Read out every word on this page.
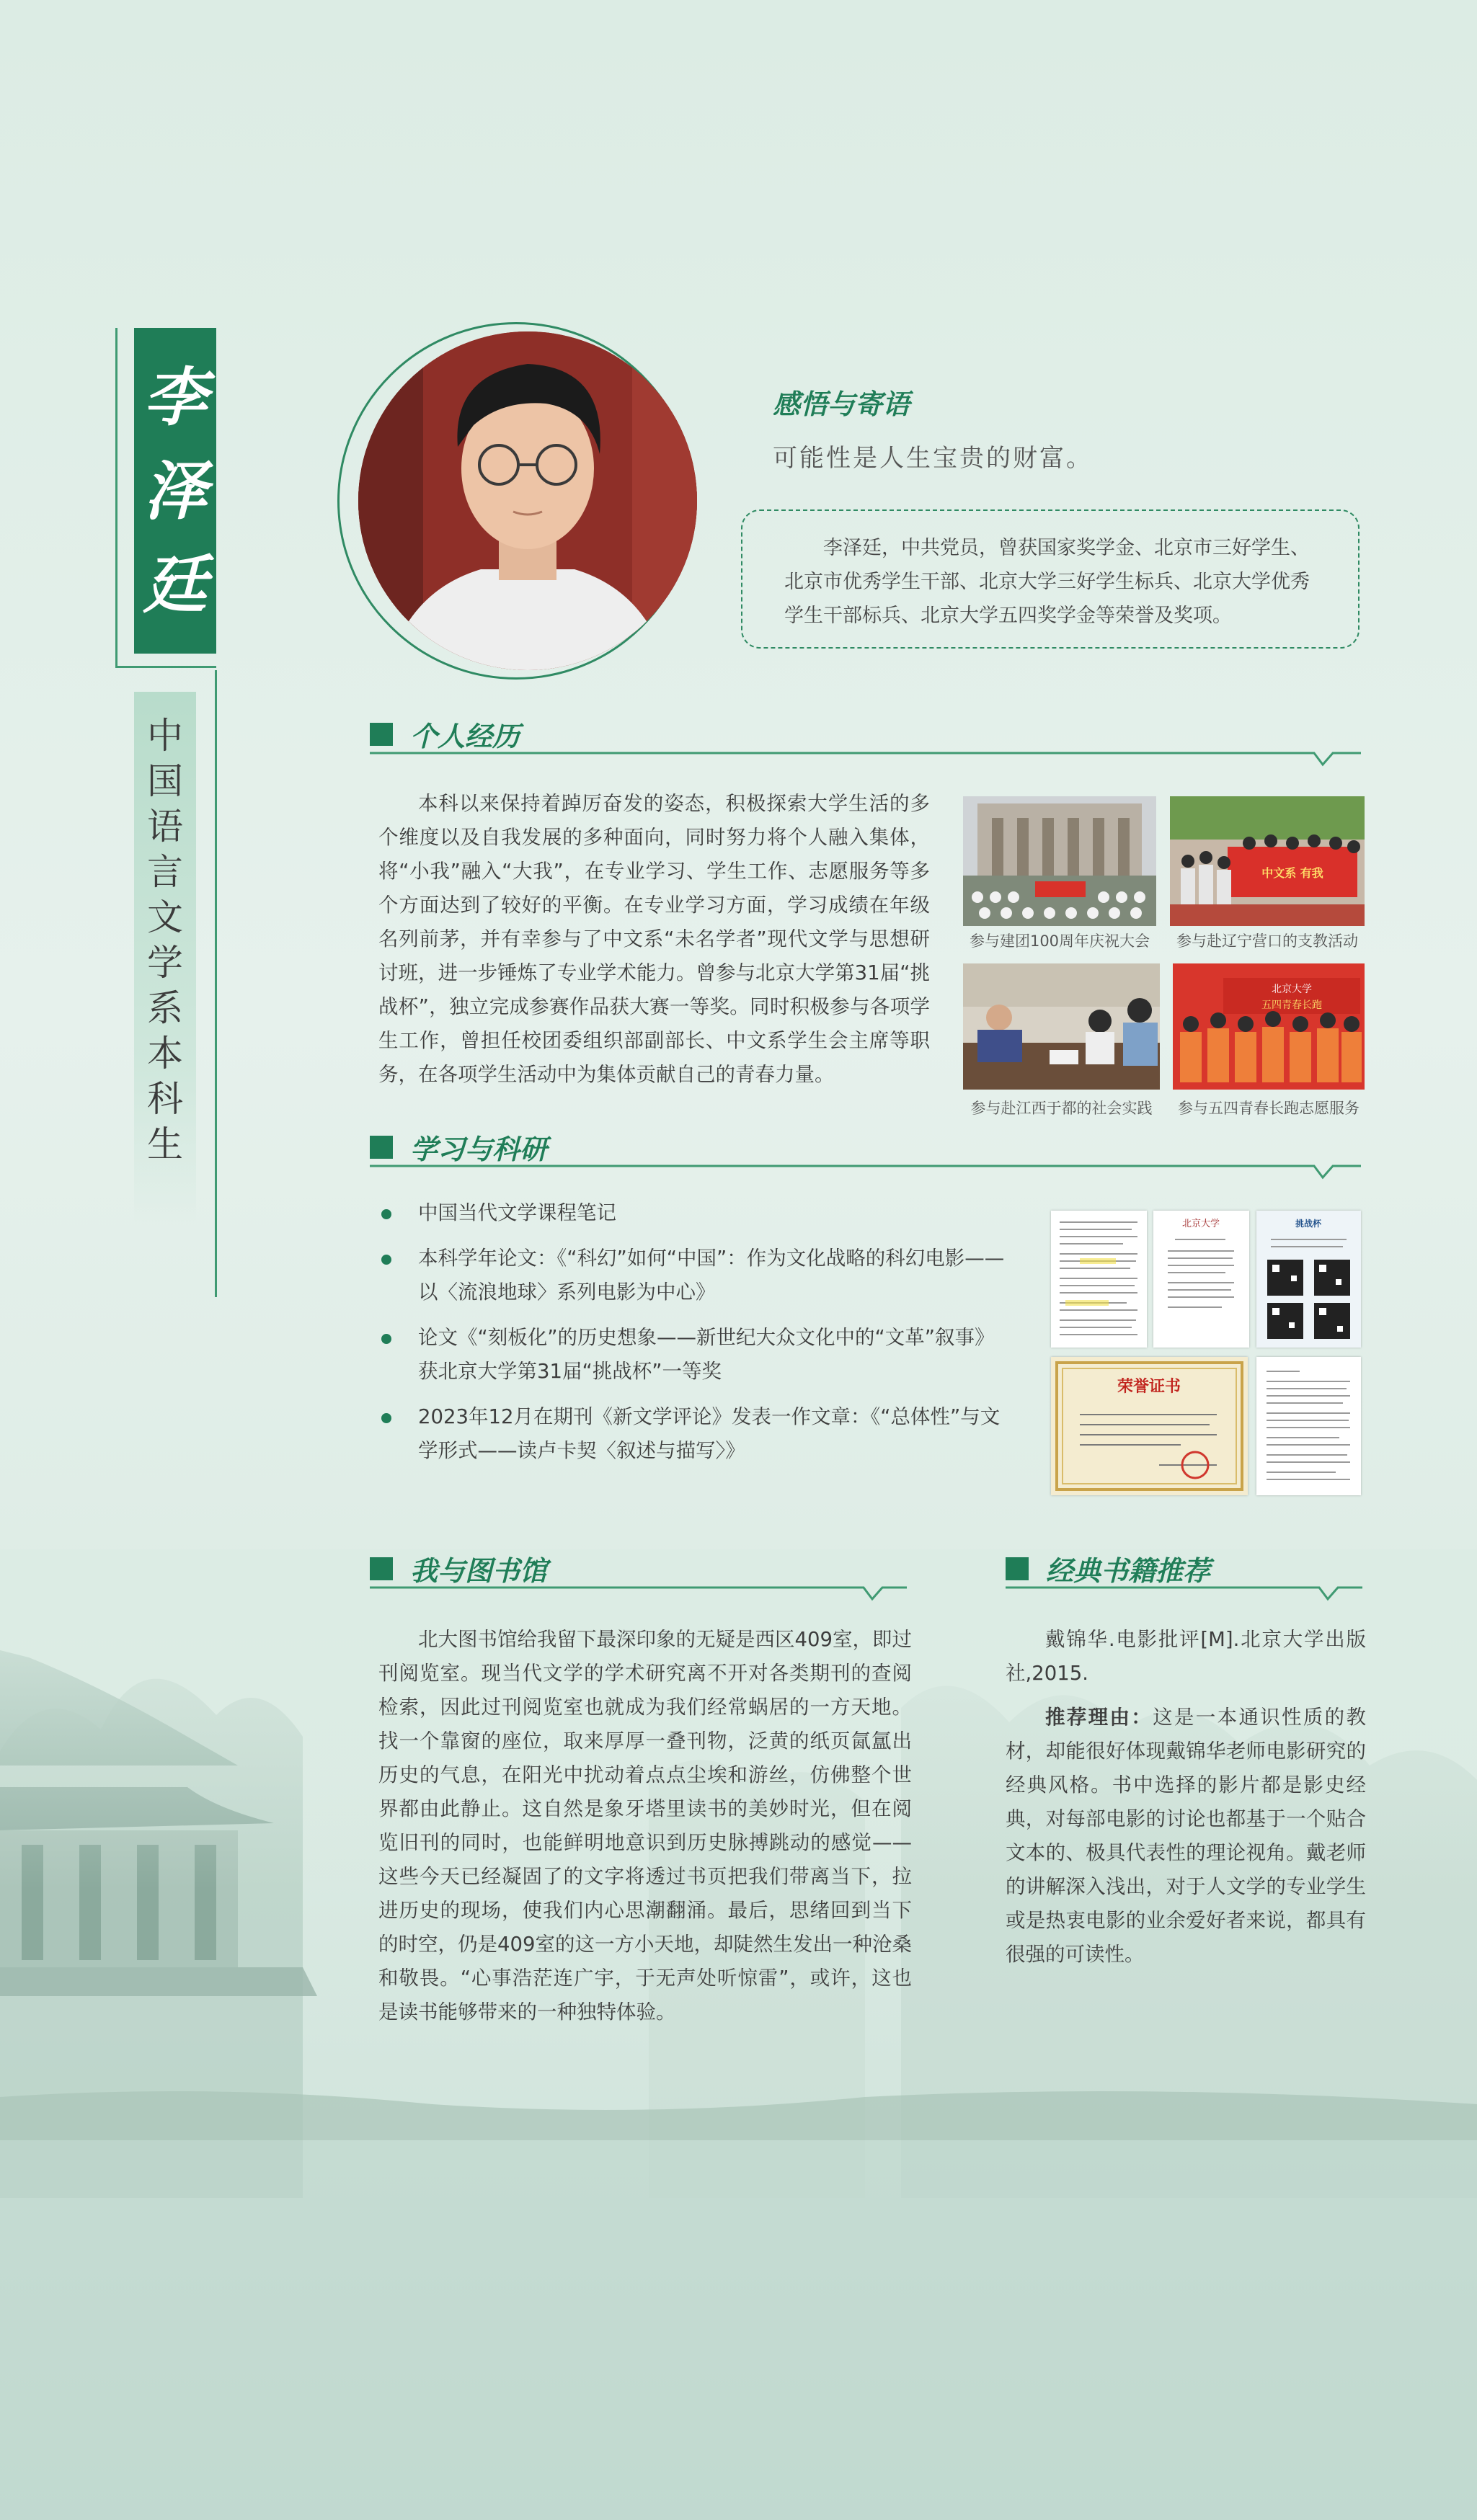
李
泽
廷
中
国
语
言
文
学
系
本
科
生
感悟与寄语
可能性是人生宝贵的财富。
李泽廷，中共党员，曾获国家奖学金、北京市三好学生、北京市优秀学生干部、北京大学三好学生标兵、北京大学优秀学生干部标兵、北京大学五四奖学金等荣誉及奖项。
个人经历
本科以来保持着踔厉奋发的姿态，积极探索大学生活的多个维度以及自我发展的多种面向，同时努力将个人融入集体，将“小我”融入“大我”，在专业学习、学生工作、志愿服务等多个方面达到了较好的平衡。在专业学习方面，学习成绩在年级名列前茅，并有幸参与了中文系“未名学者”现代文学与思想研讨班，进一步锤炼了专业学术能力。曾参与北京大学第31届“挑战杯”，独立完成参赛作品获大赛一等奖。同时积极参与各项学生工作，曾担任校团委组织部副部长、中文系学生会主席等职务，在各项学生活动中为集体贡献自己的青春力量。
参与建团100周年庆祝大会
中文系 有我
参与赴辽宁营口的支教活动
参与赴江西于都的社会实践
北京大学
五四青春长跑
参与五四青春长跑志愿服务
学习与科研
中国当代文学课程笔记
本科学年论文：《“科幻”如何“中国”：作为文化战略的科幻电影——以〈流浪地球〉系列电影为中心》
论文《“刻板化”的历史想象——新世纪大众文化中的“文革”叙事》获北京大学第31届“挑战杯”一等奖
2023年12月在期刊《新文学评论》发表一作文章：《“总体性”与文学形式——读卢卡契〈叙述与描写〉》
北京大学	挑战杯
荣誉证书
我与图书馆
北大图书馆给我留下最深印象的无疑是西区409室，即过刊阅览室。现当代文学的学术研究离不开对各类期刊的查阅检索，因此过刊阅览室也就成为我们经常蜗居的一方天地。找一个靠窗的座位，取来厚厚一叠刊物，泛黄的纸页氤氲出历史的气息，在阳光中扰动着点点尘埃和游丝，仿佛整个世界都由此静止。这自然是象牙塔里读书的美妙时光，但在阅览旧刊的同时，也能鲜明地意识到历史脉搏跳动的感觉——这些今天已经凝固了的文字将透过书页把我们带离当下，拉进历史的现场，使我们内心思潮翻涌。最后，思绪回到当下的时空，仍是409室的这一方小天地，却陡然生发出一种沧桑和敬畏。“心事浩茫连广宇，于无声处听惊雷”，或许，这也是读书能够带来的一种独特体验。
经典书籍推荐
戴锦华.电影批评[M].北京大学出版社,2015.
推荐理由：这是一本通识性质的教材，却能很好体现戴锦华老师电影研究的经典风格。书中选择的影片都是影史经典，对每部电影的讨论也都基于一个贴合文本的、极具代表性的理论视角。戴老师的讲解深入浅出，对于人文学的专业学生或是热衷电影的业余爱好者来说，都具有很强的可读性。
